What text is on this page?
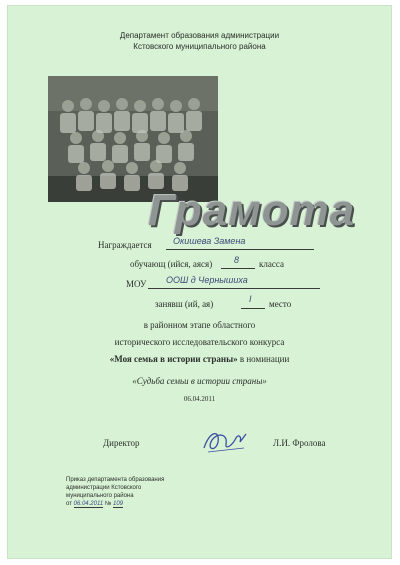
Департамент образования администрации
Кстовского муниципального района
Грамота
Награждается Окишева Замена
обучающ (ийся, аяся) 8 класса
МОУ ООШ д Чернышиха
занявш (ий, ая)	I место
в районном этапе областного
исторического исследовательского конкурса
«Моя семья в истории страны» в номинации
«Судьба семьи в истории страны»
06.04.2011
Директор	Л.И. Фролова
Приказ департамента образования
администрации Кстовского
муниципального района
от 06.04.2011 № 109
